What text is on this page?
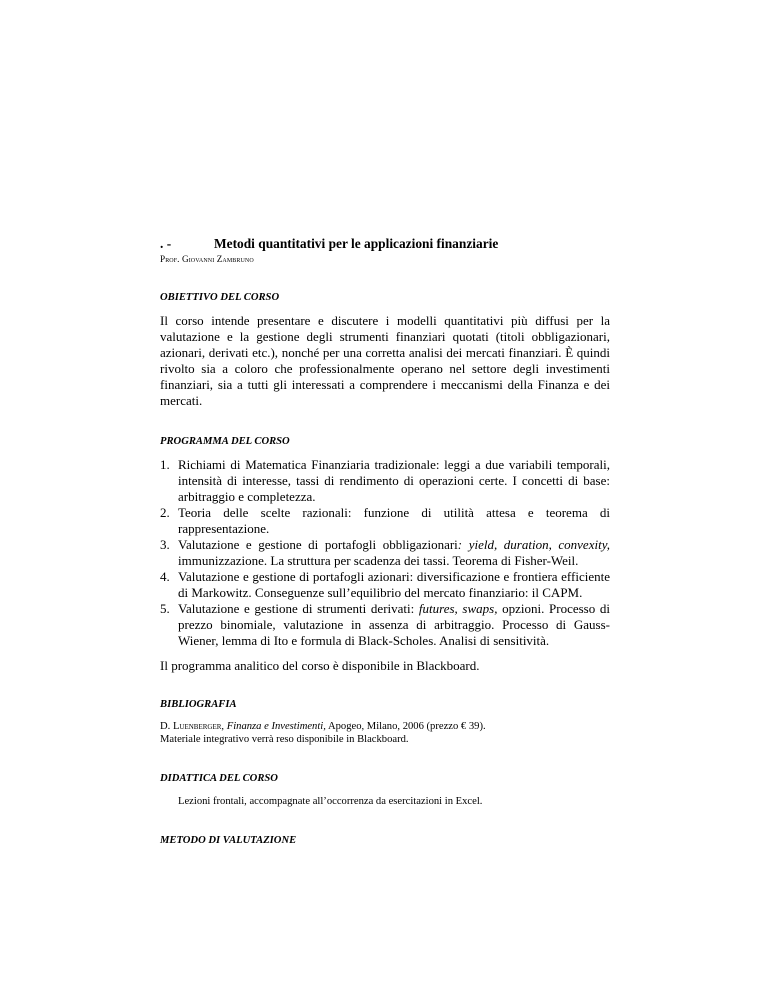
. -	Metodi quantitativi per le applicazioni finanziarie
Prof. Giovanni Zambruno
OBIETTIVO DEL CORSO

Il corso intende presentare e discutere i modelli quantitativi più diffusi per la valutazione e la gestione degli strumenti finanziari quotati (titoli obbligazionari, azionari, derivati etc.), nonché per una corretta analisi dei mercati finanziari. È quindi rivolto sia a coloro che professionalmente operano nel settore degli investimenti finanziari, sia a tutti gli interessati a comprendere i meccanismi della Finanza e dei mercati.

PROGRAMMA DEL CORSO
1. Richiami di Matematica Finanziaria tradizionale: leggi a due variabili temporali, intensità di interesse, tassi di rendimento di operazioni certe. I concetti di base: arbitraggio e completezza.
2. Teoria delle scelte razionali: funzione di utilità attesa e teorema di rappresentazione.
3. Valutazione e gestione di portafogli obbligazionari: yield, duration, convexity, immunizzazione. La struttura per scadenza dei tassi. Teorema di Fisher-Weil.
4. Valutazione e gestione di portafogli azionari: diversificazione e frontiera efficiente di Markowitz. Conseguenze sull’equilibrio del mercato finanziario: il CAPM.
5. Valutazione e gestione di strumenti derivati: futures, swaps, opzioni. Processo di prezzo binomiale, valutazione in assenza di arbitraggio. Processo di Gauss-Wiener, lemma di Ito e formula di Black-Scholes. Analisi di sensitività.

Il programma analitico del corso è disponibile in Blackboard.

BIBLIOGRAFIA
D. Luenberger, Finanza e Investimenti, Apogeo, Milano, 2006 (prezzo € 39).
Materiale integrativo verrà reso disponibile in Blackboard.
DIDATTICA DEL CORSO
Lezioni frontali, accompagnate all’occorrenza da esercitazioni in Excel.
METODO DI VALUTAZIONE
